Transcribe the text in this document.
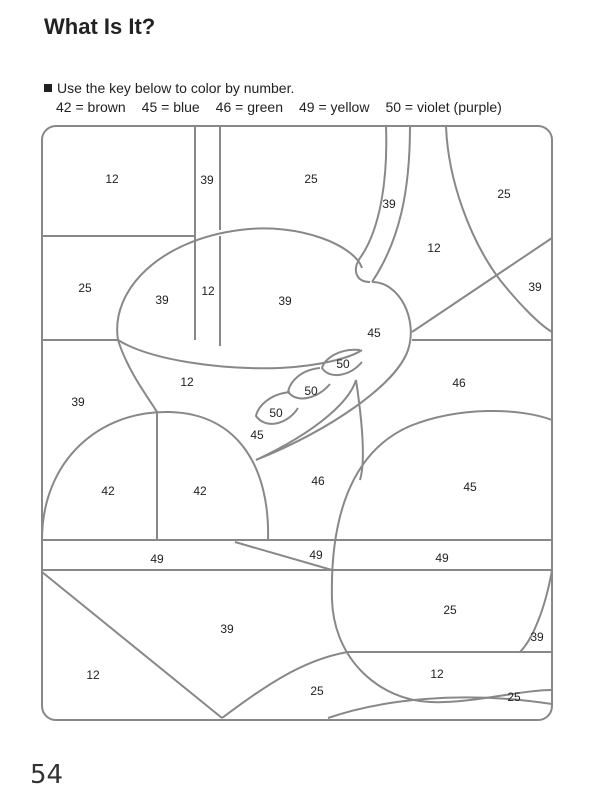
What Is It?
Use the key below to color by number.
42 = brown 45 = blue 46 = green 49 = yellow 50 = violet (purple)
12	39	25
39
25
12
25
39
12
39
39
45
50
12
50
39
50
45
46
42	42
46	45
49	49	49
25
39
39
12	12
25	25
54
